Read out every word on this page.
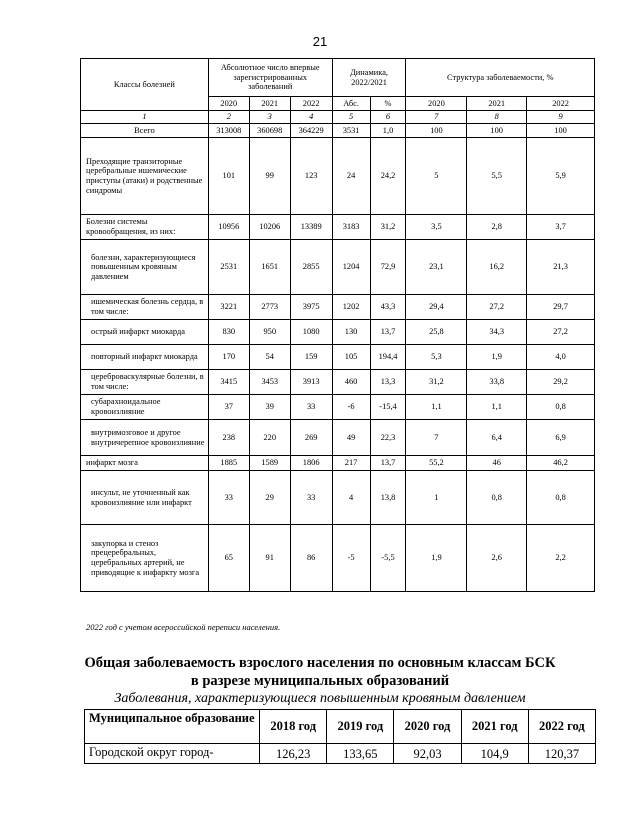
21
Классы болезней	Абсолютное число впервые зарегистрированных заболеваний			Динамика, 2022/2021		Структура заболеваемости, %		
	2020	2021	2022	Абс.	%	2020	2021	2022
1	2	3	4	5	6	7	8	9
Всего	313008	360698	364229	3531	1,0	100	100	100
Преходящие транзиторные церебральные ишемические приступы (атаки) и родственные синдромы	101	99	123	24	24,2	5	5,5	5,9
Болезни системы кровообращения, из них:	10956	10206	13389	3183	31,2	3,5	2,8	3,7
болезни, характеризующиеся повышенным кровяным давлением	2531	1651	2855	1204	72,9	23,1	16,2	21,3
ишемическая болезнь сердца, в том числе:	3221	2773	3975	1202	43,3	29,4	27,2	29,7
острый инфаркт миокарда	830	950	1080	130	13,7	25,8	34,3	27,2
повторный инфаркт миокарда	170	54	159	105	194,4	5,3	1,9	4,0
цереброваскулярные болезни, в том числе:	3415	3453	3913	460	13,3	31,2	33,8	29,2
субарахноидальное кровоизлияние	37	39	33	-6	-15,4	1,1	1,1	0,8
внутримозговое и другое внутричерепное кровоизлияние	238	220	269	49	22,3	7	6,4	6,9
инфаркт мозга	1885	1589	1806	217	13,7	55,2	46	46,2
инсульт, не уточненный как кровоизлияние или инфаркт	33	29	33	4	13,8	1	0,8	0,8
закупорка и стеноз прецеребральных, церебральных артерий, не приводящие к инфаркту мозга	65	91	86	-5	-5,5	1,9	2,6	2,2
2022 год с учетом всероссийской переписи населения.
Общая заболеваемость взрослого населения по основным классам БСК
в разрезе муниципальных образований
Заболевания, характеризующиеся повышенным кровяным давлением
Муниципальное образование	2018 год	2019 год	2020 год	2021 год	2022 год
Городской округ город-	126,23	133,65	92,03	104,9	120,37
